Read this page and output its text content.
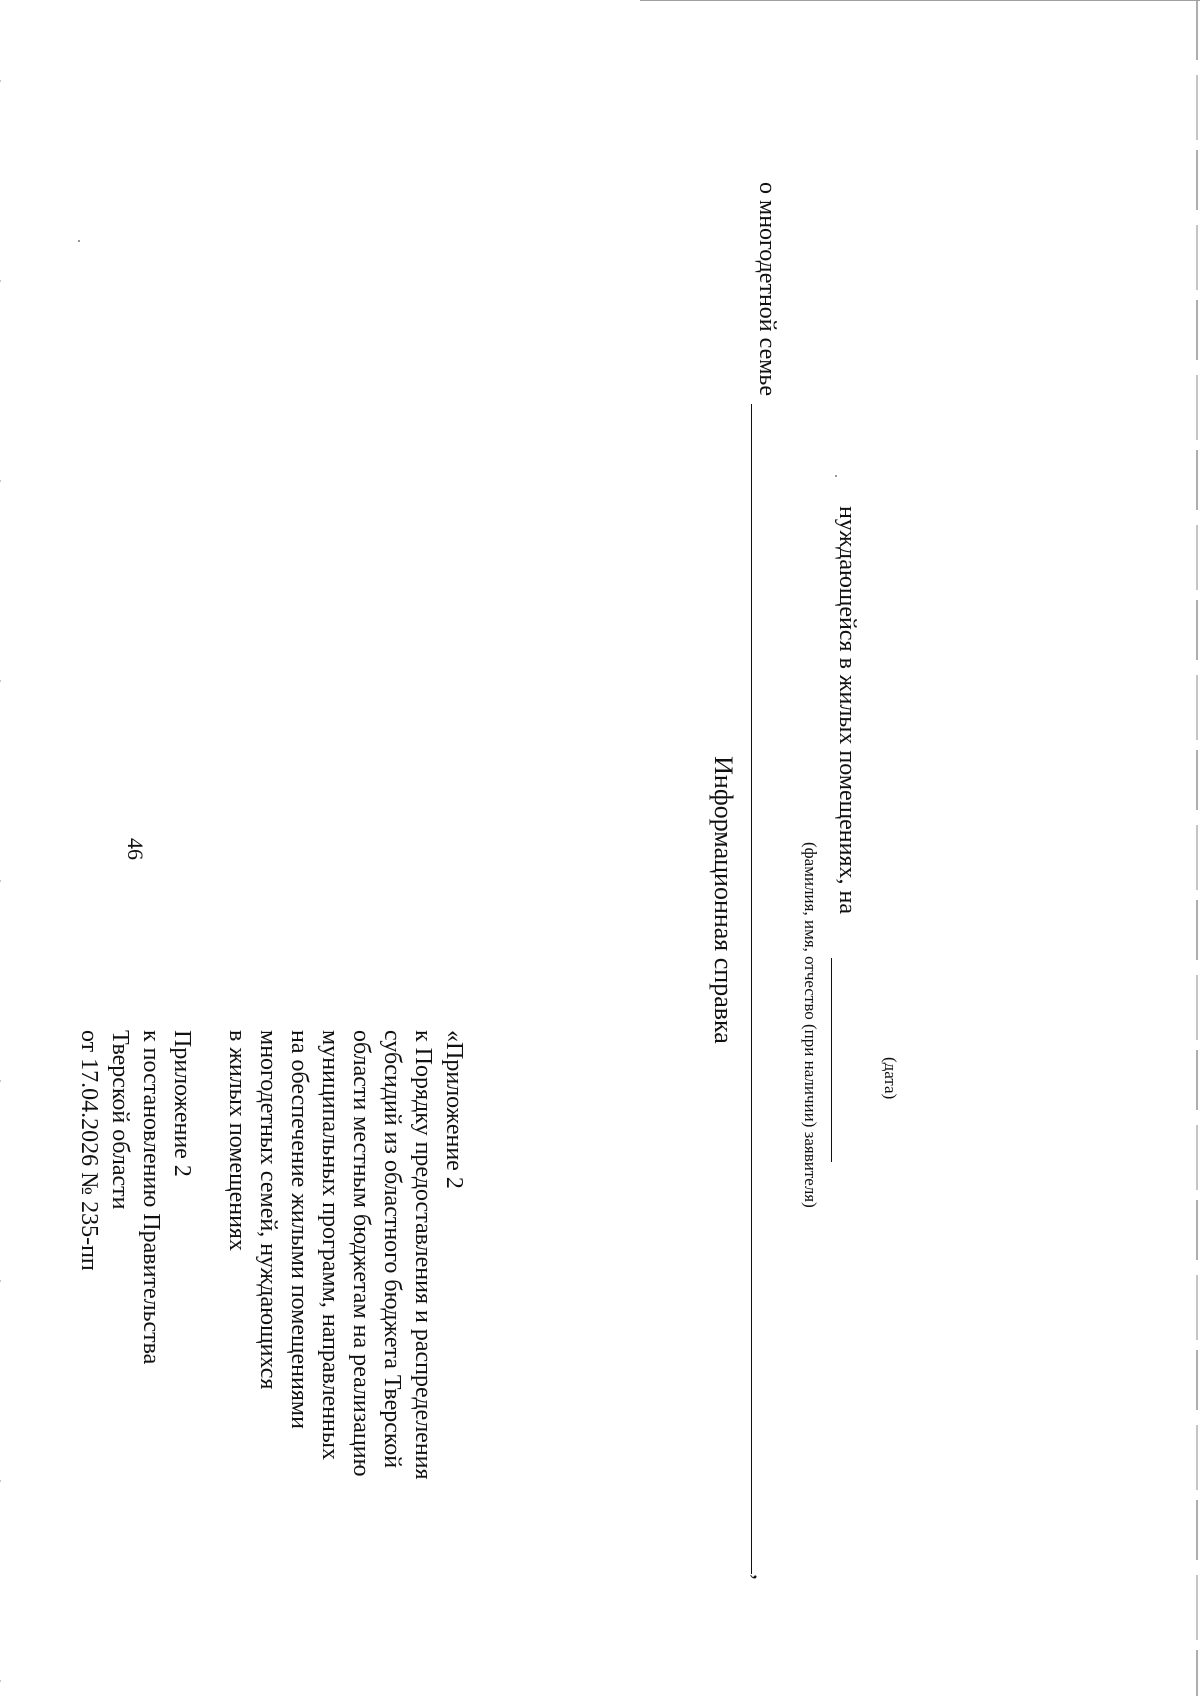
46
Приложение 2
к постановлению Правительства
Тверской области
от 17.04.2026 № 235-пп	«Приложение 2
к Порядку предоставления и распределения
субсидий из областного бюджета Тверской
области местным бюджетам на реализацию
муниципальных программ, направленных
на обеспечение жилыми помещениями
многодетных семей, нуждающихся
в жилых помещениях
Информационная справка
о многодетной семье
,
(фамилия, имя, отчество (при наличии) заявителя)
нуждающейся в жилых помещениях, на
(дата)
